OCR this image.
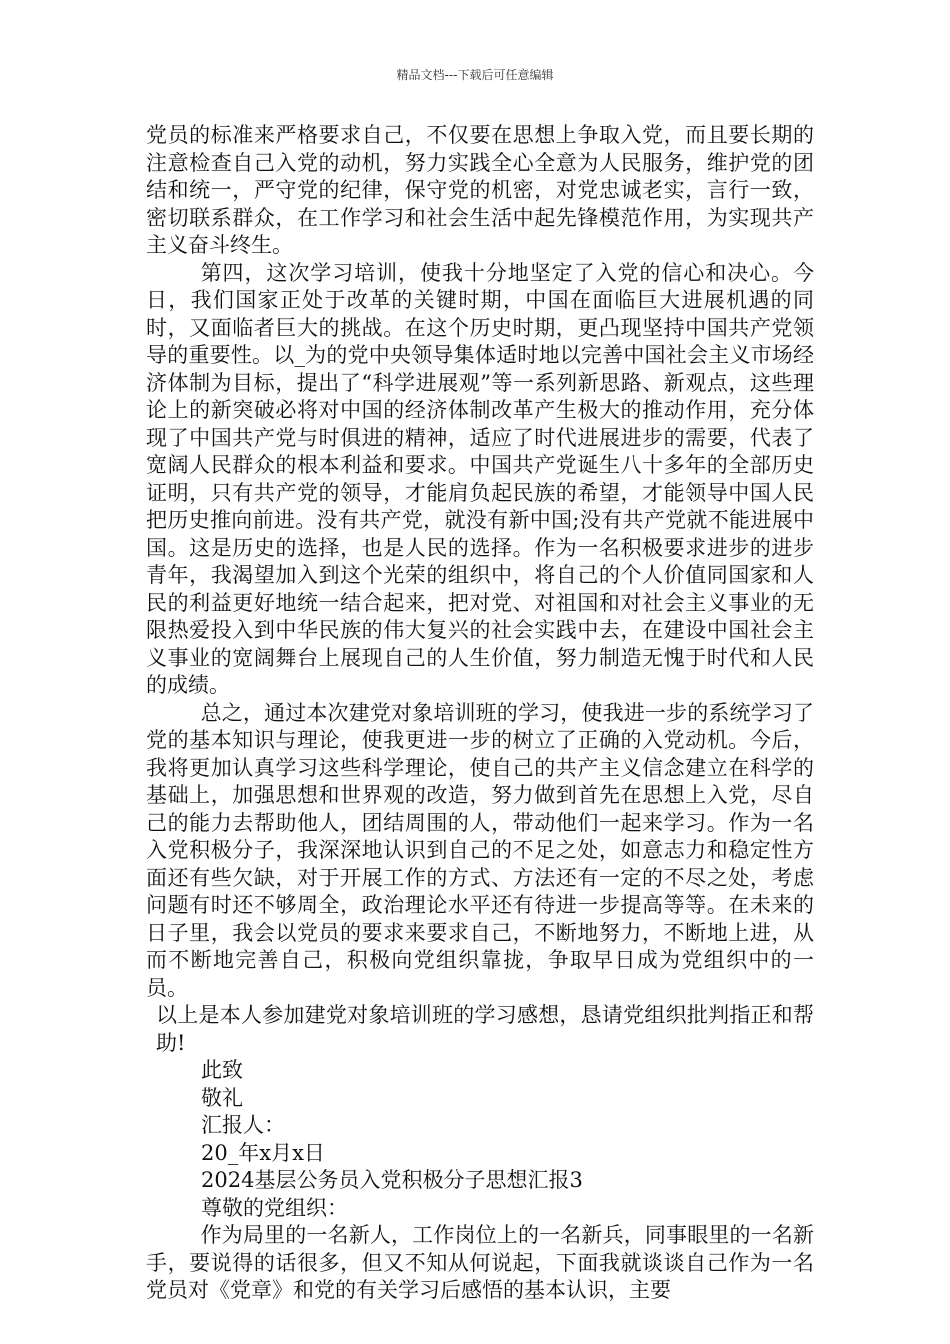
精品文档---下载后可任意编辑

党员的标准来严格要求自己，不仅要在思想上争取入党，而且要长期的注意检查自己入党的动机，努力实践全心全意为人民服务，维护党的团结和统一，严守党的纪律，保守党的机密，对党忠诚老实，言行一致，密切联系群众，在工作学习和社会生活中起先锋模范作用，为实现共产主义奋斗终生。

第四，这次学习培训，使我十分地坚定了入党的信心和决心。今日，我们国家正处于改革的关键时期，中国在面临巨大进展机遇的同时，又面临者巨大的挑战。在这个历史时期，更凸现坚持中国共产党领导的重要性。以_为的党中央领导集体适时地以完善中国社会主义市场经济体制为目标，提出了“科学进展观”等一系列新思路、新观点，这些理论上的新突破必将对中国的经济体制改革产生极大的推动作用，充分体现了中国共产党与时俱进的精神，适应了时代进展进步的需要，代表了宽阔人民群众的根本利益和要求。中国共产党诞生八十多年的全部历史证明，只有共产党的领导，才能肩负起民族的希望，才能领导中国人民把历史推向前进。没有共产党，就没有新中国;没有共产党就不能进展中国。这是历史的选择，也是人民的选择。作为一名积极要求进步的进步青年，我渴望加入到这个光荣的组织中，将自己的个人价值同国家和人民的利益更好地统一结合起来，把对党、对祖国和对社会主义事业的无限热爱投入到中华民族的伟大复兴的社会实践中去，在建设中国社会主义事业的宽阔舞台上展现自己的人生价值，努力制造无愧于时代和人民的成绩。

总之，通过本次建党对象培训班的学习，使我进一步的系统学习了党的基本知识与理论，使我更进一步的树立了正确的入党动机。今后，我将更加认真学习这些科学理论，使自己的共产主义信念建立在科学的基础上，加强思想和世界观的改造，努力做到首先在思想上入党，尽自己的能力去帮助他人，团结周围的人，带动他们一起来学习。作为一名入党积极分子，我深深地认识到自己的不足之处，如意志力和稳定性方面还有些欠缺，对于开展工作的方式、方法还有一定的不尽之处，考虑问题有时还不够周全，政治理论水平还有待进一步提高等等。在未来的日子里，我会以党员的要求来要求自己，不断地努力，不断地上进，从而不断地完善自己，积极向党组织靠拢，争取早日成为党组织中的一员。

以上是本人参加建党对象培训班的学习感想，恳请党组织批判指正和帮助!

此致

敬礼

汇报人：

20_年x月x日

2024基层公务员入党积极分子思想汇报3

尊敬的党组织：

作为局里的一名新人，工作岗位上的一名新兵，同事眼里的一名新手，要说得的话很多，但又不知从何说起，下面我就谈谈自己作为一名党员对《党章》和党的有关学习后感悟的基本认识，主要
